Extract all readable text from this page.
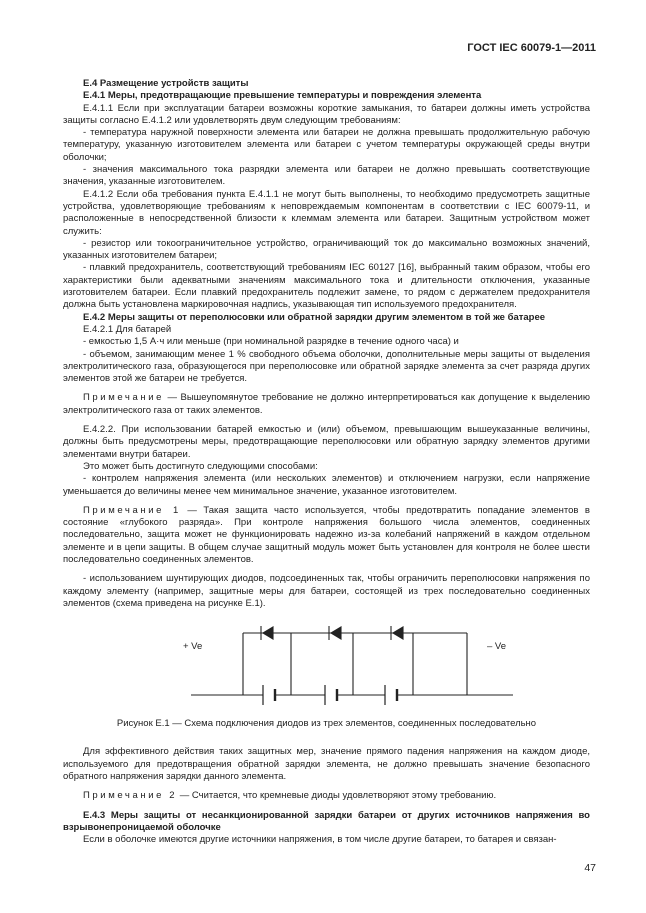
ГОСТ IEC 60079-1—2011

Е.4 Размещение устройств защиты

Е.4.1 Меры, предотвращающие превышение температуры и повреждения элемента

Е.4.1.1 Если при эксплуатации батареи возможны короткие замыкания, то батареи должны иметь устройства защиты согласно Е.4.1.2 или удовлетворять двум следующим требованиям:

- температура наружной поверхности элемента или батареи не должна превышать продолжительную рабочую температуру, указанную изготовителем элемента или батареи с учетом температуры окружающей среды внутри оболочки;

- значения максимального тока разрядки элемента или батареи не должно превышать соответствующие значения, указанные изготовителем.

Е.4.1.2 Если оба требования пункта Е.4.1.1 не могут быть выполнены, то необходимо предусмотреть защитные устройства, удовлетворяющие требованиям к неповреждаемым компонентам в соответствии с IEC 60079-11, и расположенные в непосредственной близости к клеммам элемента или батареи. Защитным устройством может служить:

- резистор или токоограничительное устройство, ограничивающий ток до максимально возможных значений, указанных изготовителем батареи;

- плавкий предохранитель, соответствующий требованиям IEC 60127 [16], выбранный таким образом, чтобы его характеристики были адекватными значениям максимального тока и длительности отключения, указанные изготовителем батареи. Если плавкий предохранитель подлежит замене, то рядом с держателем предохранителя должна быть установлена маркировочная надпись, указывающая тип используемого предохранителя.

Е.4.2 Меры защиты от переполюсовки или обратной зарядки другим элементом в той же батарее

Е.4.2.1 Для батарей

- емкостью 1,5 А·ч или меньше (при номинальной разрядке в течение одного часа) и

- объемом, занимающим менее 1 % свободного объема оболочки, дополнительные меры защиты от выделения электролитического газа, образующегося при переполюсовке или обратной зарядке элемента за счет разряда других элементов этой же батареи не требуется.

Примечание — Вышеупомянутое требование не должно интерпретироваться как допущение к выделению электролитического газа от таких элементов.

Е.4.2.2. При использовании батарей емкостью и (или) объемом, превышающим вышеуказанные величины, должны быть предусмотрены меры, предотвращающие переполюсовки или обратную зарядку элементов другими элементами внутри батареи.

Это может быть достигнуто следующими способами:

- контролем напряжения элемента (или нескольких элементов) и отключением нагрузки, если напряжение уменьшается до величины менее чем минимальное значение, указанное изготовителем.

Примечание 1 — Такая защита часто используется, чтобы предотвратить попадание элементов в состояние «глубокого разряда». При контроле напряжения большого числа элементов, соединенных последовательно, защита может не функционировать надежно из-за колебаний напряжений в каждом отдельном элементе и в цепи защиты. В общем случае защитный модуль может быть установлен для контроля не более шести последовательно соединенных элементов.

- использованием шунтирующих диодов, подсоединенных так, чтобы ограничить переполюсовки напряжения по каждому элементу (например, защитные меры для батареи, состоящей из трех последовательно соединенных элементов (схема приведена на рисунке Е.1).

+ Ve	– Ve

Рисунок Е.1 — Схема подключения диодов из трех элементов, соединенных последовательно

Для эффективного действия таких защитных мер, значение прямого падения напряжения на каждом диоде, используемого для предотвращения обратной зарядки элемента, не должно превышать значение безопасного обратного напряжения зарядки данного элемента.

Примечание 2 — Считается, что кремневые диоды удовлетворяют этому требованию.

Е.4.3 Меры защиты от несанкционированной зарядки батареи от других источников напряжения во взрывонепроницаемой оболочке

Если в оболочке имеются другие источники напряжения, в том числе другие батареи, то батарея и связан-

47
